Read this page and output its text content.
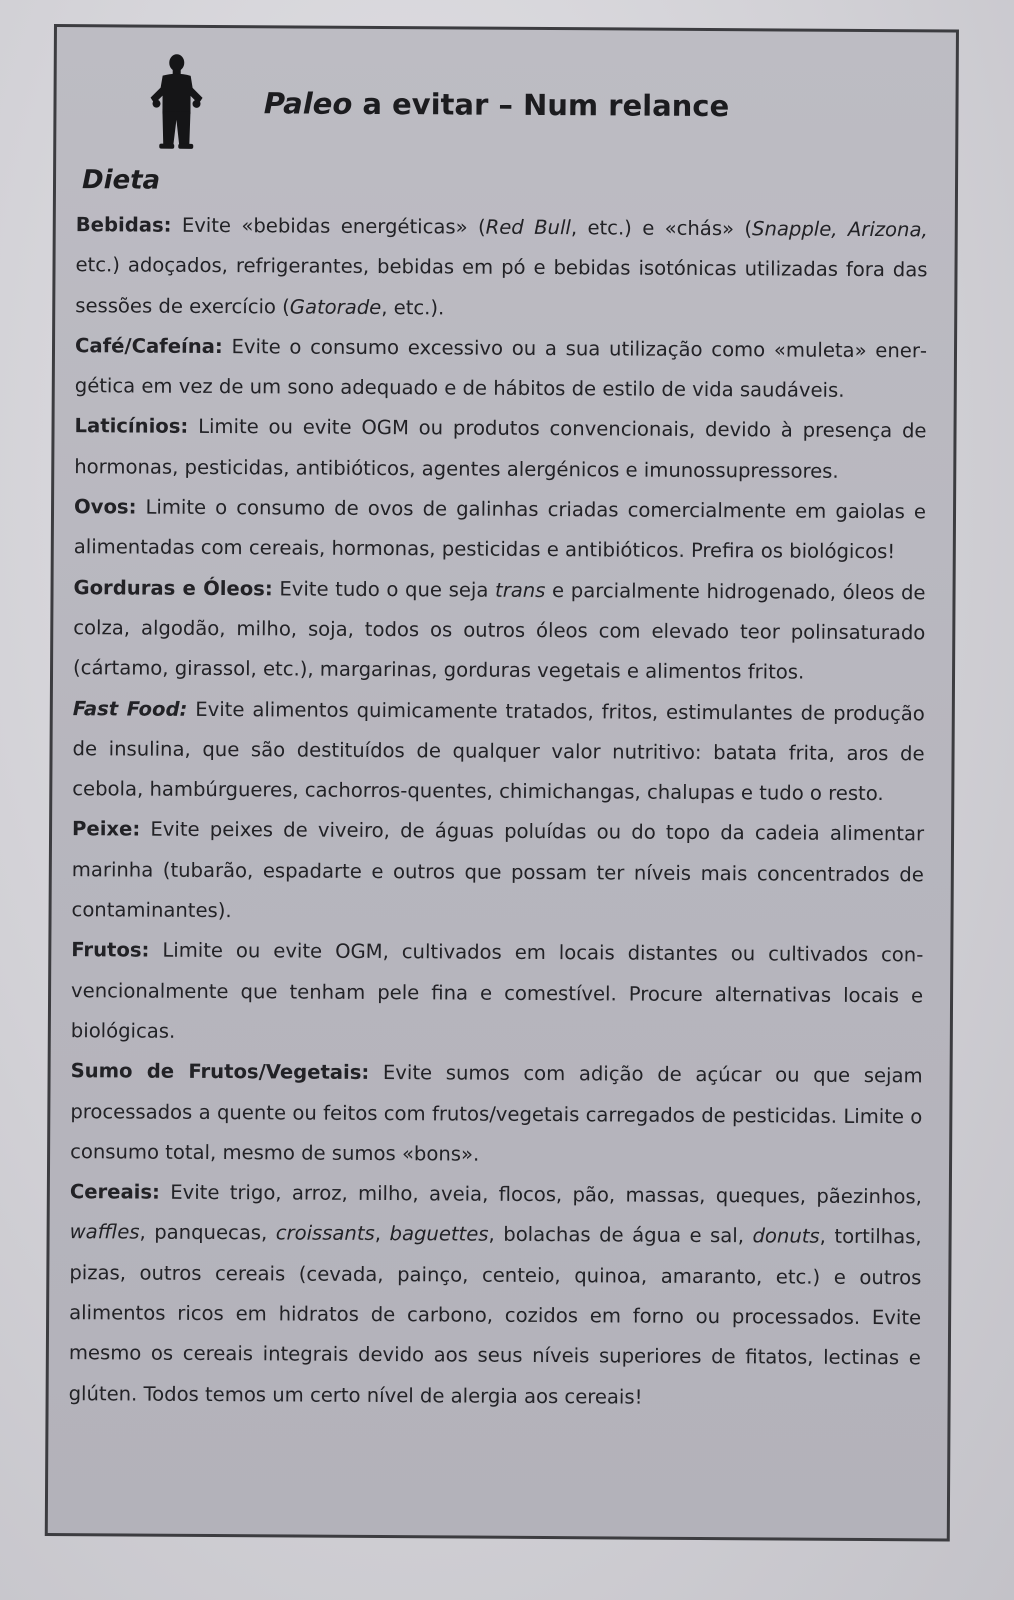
Paleo a evitar – Num relance
Dieta

Bebidas: Evite «bebidas energéticas» (Red Bull, etc.) e «chás» (Snapple, Arizona, etc.) adoçados, refrigerantes, bebidas em pó e bebidas isotónicas utilizadas fora das sessões de exercício (Gatorade, etc.).

Café/Cafeína: Evite o consumo excessivo ou a sua utilização como «muleta» energética em vez de um sono adequado e de hábitos de estilo de vida saudáveis.

Laticínios: Limite ou evite OGM ou produtos convencionais, devido à presença de hormonas, pesticidas, antibióticos, agentes alergénicos e imunossupressores.

Ovos: Limite o consumo de ovos de galinhas criadas comercialmente em gaiolas e alimentadas com cereais, hormonas, pesticidas e antibióticos. Prefira os biológicos!

Gorduras e Óleos: Evite tudo o que seja trans e parcialmente hidrogenado, óleos de colza, algodão, milho, soja, todos os outros óleos com elevado teor polinsaturado (cártamo, girassol, etc.), margarinas, gorduras vegetais e alimentos fritos.

Fast Food: Evite alimentos quimicamente tratados, fritos, estimulantes de produção de insulina, que são destituídos de qualquer valor nutritivo: batata frita, aros de cebola, hambúrgueres, cachorros-quentes, chimichangas, chalupas e tudo o resto.

Peixe: Evite peixes de viveiro, de águas poluídas ou do topo da cadeia alimentar marinha (tubarão, espadarte e outros que possam ter níveis mais concentrados de contaminantes).

Frutos: Limite ou evite OGM, cultivados em locais distantes ou cultivados convencionalmente que tenham pele fina e comestível. Procure alternativas locais e biológicas.

Sumo de Frutos/Vegetais: Evite sumos com adição de açúcar ou que sejam processados a quente ou feitos com frutos/vegetais carregados de pesticidas. Limite o consumo total, mesmo de sumos «bons».

Cereais: Evite trigo, arroz, milho, aveia, flocos, pão, massas, queques, pãezinhos, waffles, panquecas, croissants, baguettes, bolachas de água e sal, donuts, tortilhas, pizas, outros cereais (cevada, painço, centeio, quinoa, amaranto, etc.) e outros alimentos ricos em hidratos de carbono, cozidos em forno ou processados. Evite mesmo os cereais integrais devido aos seus níveis superiores de fitatos, lectinas e glúten. Todos temos um certo nível de alergia aos cereais!
